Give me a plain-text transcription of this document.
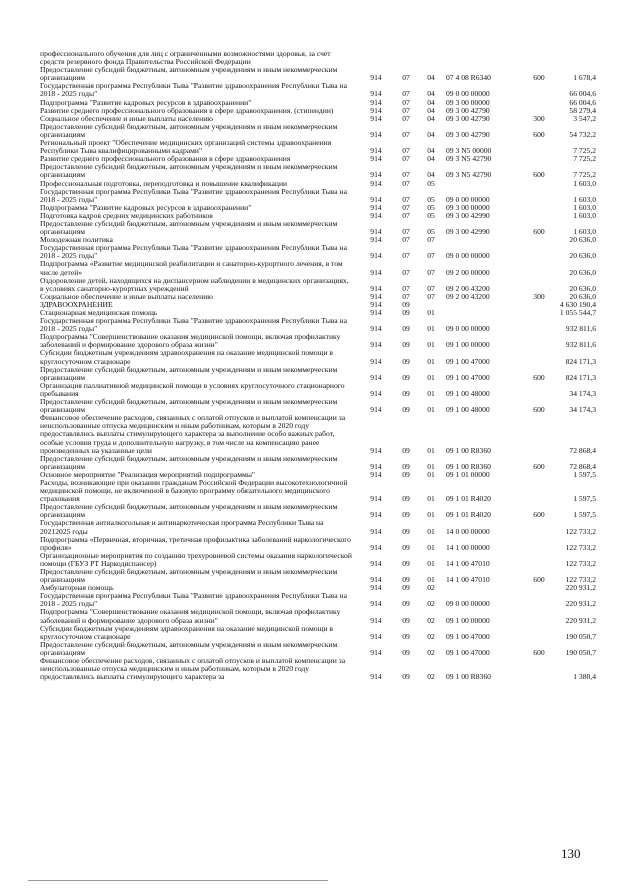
профессионального обучения для лиц с ограниченными возможностями здоровья, за счет средств резервного фонда Правительства Российской Федерации						
Предоставление субсидий бюджетным, автономным учреждениям и иным некоммерческим организациям	914	07	04	07 4 08 R6340	600	1 678,4
Государственная программа Республики Тыва "Развитие здравоохранения Республики Тыва на 2018 - 2025 годы"	914	07	04	09 0 00 00000		66 004,6
Подпрограмма "Развитие кадровых ресурсов в здравоохранении"	914	07	04	09 3 00 00000		66 004,6
Развитие среднего профессионального образования в сфере здравоохранения. (стипендии)	914	07	04	09 3 00 42790		58 279,4
Социальное обеспечение и иные выплаты населению	914	07	04	09 3 00 42790	300	3 547,2
Предоставление субсидий бюджетным, автономным учреждениям и иным некоммерческим организациям	914	07	04	09 3 00 42790	600	54 732,2
Региональный проект "Обеспечение медицинских организаций системы здравоохранения Республики Тыва квалифицированными кадрами"	914	07	04	09 3 N5 00000		7 725,2
Развитие среднего профессионального образования в сфере здравоохранения	914	07	04	09 3 N5 42790		7 725,2
Предоставление субсидий бюджетным, автономным учреждениям и иным некоммерческим организациям	914	07	04	09 3 N5 42790	600	7 725,2
Профессиональная подготовка, переподготовка и повышение квалификации	914	07	05			1 603,0
Государственная программа Республики Тыва "Развитие здравоохранения Республики Тыва на 2018 - 2025 годы"	914	07	05	09 0 00 00000		1 603,0
Подпрограмма "Развитие кадровых ресурсов в здравоохранении"	914	07	05	09 3 00 00000		1 603,0
Подготовка кадров средних медицинских работников	914	07	05	09 3 00 42990		1 603,0
Предоставление субсидий бюджетным, автономным учреждениям и иным некоммерческим организациям	914	07	05	09 3 00 42990	600	1 603,0
Молодежная политика	914	07	07			20 636,0
Государственная программа Республики Тыва "Развитие здравоохранения Республики Тыва на 2018 - 2025 годы"	914	07	07	09 0 00 00000		20 636,0
Подпрограмма «Развитие медицинской реабилитации и санаторно-курортного лечения, в том числе детей»	914	07	07	09 2 00 00000		20 636,0
Оздоровление детей, находящихся на диспансерном наблюдении в медицинских организациях, в условиях санаторно-курортных учреждений	914	07	07	09 2 00 43200		20 636,0
Социальное обеспечение и иные выплаты населению	914	07	07	09 2 00 43200	300	20 636,0
ЗДРАВООХРАНЕНИЕ	914	09				4 630 190,4
Стационарная медицинская помощь	914	09	01			1 055 544,7
Государственная программа Республики Тыва "Развитие здравоохранения Республики Тыва на 2018 - 2025 годы"	914	09	01	09 0 00 00000		932 811,6
Подпрограмма "Совершенствование оказания медицинской помощи, включая профилактику заболеваний и формирование здорового образа жизни"	914	09	01	09 1 00 00000		932 811,6
Субсидии бюджетным учреждениям здравоохранения на оказание медицинской помощи в круглосуточном стационаре	914	09	01	09 1 00 47000		824 171,3
Предоставление субсидий бюджетным, автономным учреждениям и иным некоммерческим организациям	914	09	01	09 1 00 47000	600	824 171,3
Организация паллиативной медицинской помощи в условиях круглосуточного стационарного пребывания	914	09	01	09 1 00 48000		34 174,3
Предоставление субсидий бюджетным, автономным учреждениям и иным некоммерческим организациям	914	09	01	09 1 00 48000	600	34 174,3
Финансовое обеспечение расходов, связанных с оплатой отпусков и выплатой компенсации за неиспользованные отпуска медицинским и иным работникам, которым в 2020 году предоставлялись выплаты стимулирующего характера за выполнение особо важных работ, особые условия труда и дополнительную нагрузку, в том числе на компенсацию ранее произведенных на указанные цели	914	09	01	09 1 00 R8360		72 868,4
Предоставление субсидий бюджетным, автономным учреждениям и иным некоммерческим организациям	914	09	01	09 1 00 R8360	600	72 868,4
Основное мероприятие "Реализация мероприятий подпрограммы"	914	09	01	09 1 01 00000		1 597,5
Расходы, возникающие при оказании гражданам Российской Федерации высокотехнологичной медицинской помощи, не включенной в базовую программу обязательного медицинского страхования	914	09	01	09 1 01 R4020		1 597,5
Предоставление субсидий бюджетным, автономным учреждениям и иным некоммерческим организациям	914	09	01	09 1 01 R4020	600	1 597,5
Государственная антиалкогольная и антинаркотическая программа Республики Тыва на 20212025 годы	914	09	01	14 0 00 00000		122 733,2
Подпрограмма «Первичная, вторичная, третичная профилактика заболеваний наркологического профиля»	914	09	01	14 1 00 00000		122 733,2
Организационные мероприятия по созданию трехуровневой системы оказания наркологической помощи (ГБУЗ РТ Наркодиспансер)	914	09	01	14 1 00 47010		122 733,2
Предоставление субсидий бюджетным, автономным учреждениям и иным некоммерческим организациям	914	09	01	14 1 00 47010	600	122 733,2
Амбулаторная помощь	914	09	02			220 931,2
Государственная программа Республики Тыва "Развитие здравоохранения Республики Тыва на 2018 - 2025 годы"	914	09	02	09 0 00 00000		220 931,2
Подпрограмма "Совершенствование оказания медицинской помощи, включая профилактику заболеваний и формирование здорового образа жизни"	914	09	02	09 1 00 00000		220 931,2
Субсидии бюджетным учреждениям здравоохранения на оказание медицинской помощи в круглосуточном стационаре	914	09	02	09 1 00 47000		190 050,7
Предоставление субсидий бюджетным, автономным учреждениям и иным некоммерческим организациям	914	09	02	09 1 00 47000	600	190 050,7
Финансовое обеспечение расходов, связанных с оплатой отпусков и выплатой компенсации за неиспользованные отпуска медицинским и иным работникам, которым в 2020 году предоставлялись выплаты стимулирующего характера за	914	09	02	09 1 00 R8360		1 380,4
130
